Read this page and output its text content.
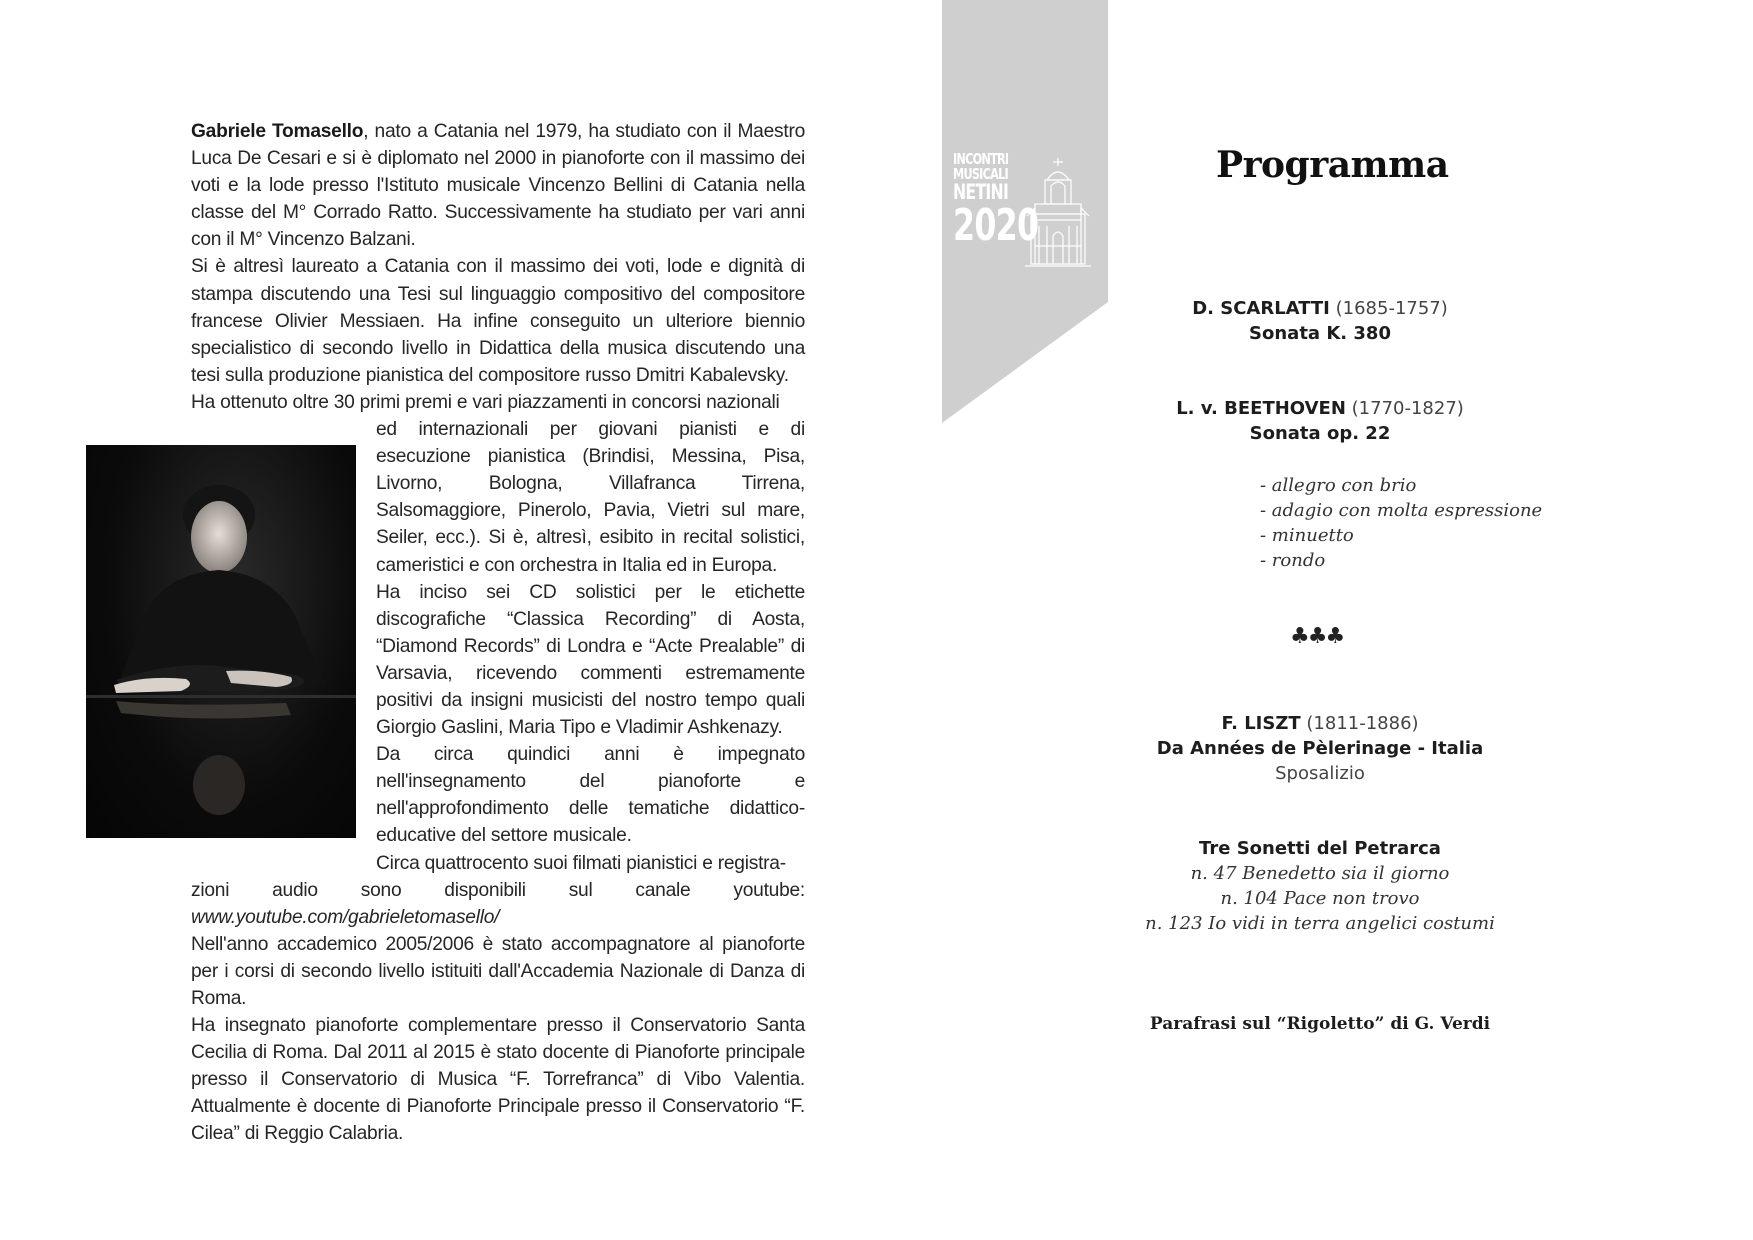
Gabriele Tomasello, nato a Catania nel 1979, ha studiato con il Maestro Luca De Cesari e si è diplomato nel 2000 in pianoforte con il massimo dei voti e la lode presso l'Istituto musicale Vincenzo Bellini di Catania nella classe del M° Corrado Ratto. Successivamente ha studiato per vari anni con il M° Vincenzo Balzani.

Si è altresì laureato a Catania con il massimo dei voti, lode e dignità di stampa discutendo una Tesi sul linguaggio compositivo del compositore francese Olivier Messiaen. Ha infine conseguito un ulteriore biennio specialistico di secondo livello in Didattica della musica discutendo una tesi sulla produzione pianistica del compositore russo Dmitri Kabalevsky.

Ha ottenuto oltre 30 primi premi e vari piazzamenti in concorsi nazionali

ed internazionali per giovani pianisti e di esecuzione pianistica (Brindisi, Messina, Pisa, Livorno, Bologna, Villafranca Tirrena, Salsomaggiore, Pinerolo, Pavia, Vietri sul mare, Seiler, ecc.). Si è, altresì, esibito in recital solistici, cameristici e con orchestra in Italia ed in Europa.

Ha inciso sei CD solistici per le etichette discografiche “Classica Recording” di Aosta, “Diamond Records” di Londra e “Acte Prealable” di Varsavia, ricevendo commenti estremamente positivi da insigni musicisti del nostro tempo quali Giorgio Gaslini, Maria Tipo e Vladimir Ashkenazy.

Da circa quindici anni è impegnato nell'insegnamento del pianoforte e nell'approfondimento delle tematiche didattico-educative del settore musicale.

Circa quattrocento suoi filmati pianistici e registra-

zioni audio sono disponibili sul canale youtube: www.youtube.com/gabrieletomasello/

Nell'anno accademico 2005/2006 è stato accompagnatore al pianoforte per i corsi di secondo livello istituiti dall'Accademia Nazionale di Danza di Roma.

Ha insegnato pianoforte complementare presso il Conservatorio Santa Cecilia di Roma. Dal 2011 al 2015 è stato docente di Pianoforte principale presso il Conservatorio di Musica “F. Torrefranca” di Vibo Valentia. Attualmente è docente di Pianoforte Principale presso il Conservatorio “F. Cilea” di Reggio Calabria.

INCONTRI
MUSICALI
NETINI
2020
Programma
D. SCARLATTI (1685-1757)
Sonata K. 380
L. v. BEETHOVEN (1770-1827)
Sonata op. 22
- allegro con brio
- adagio con molta espressione
- minuetto
- rondo
♣♣♣
F. LISZT (1811-1886)
Da Années de Pèlerinage - Italia
Sposalizio
Tre Sonetti del Petrarca
n. 47 Benedetto sia il giorno
n. 104 Pace non trovo
n. 123 Io vidi in terra angelici costumi
Parafrasi sul “Rigoletto” di G. Verdi
